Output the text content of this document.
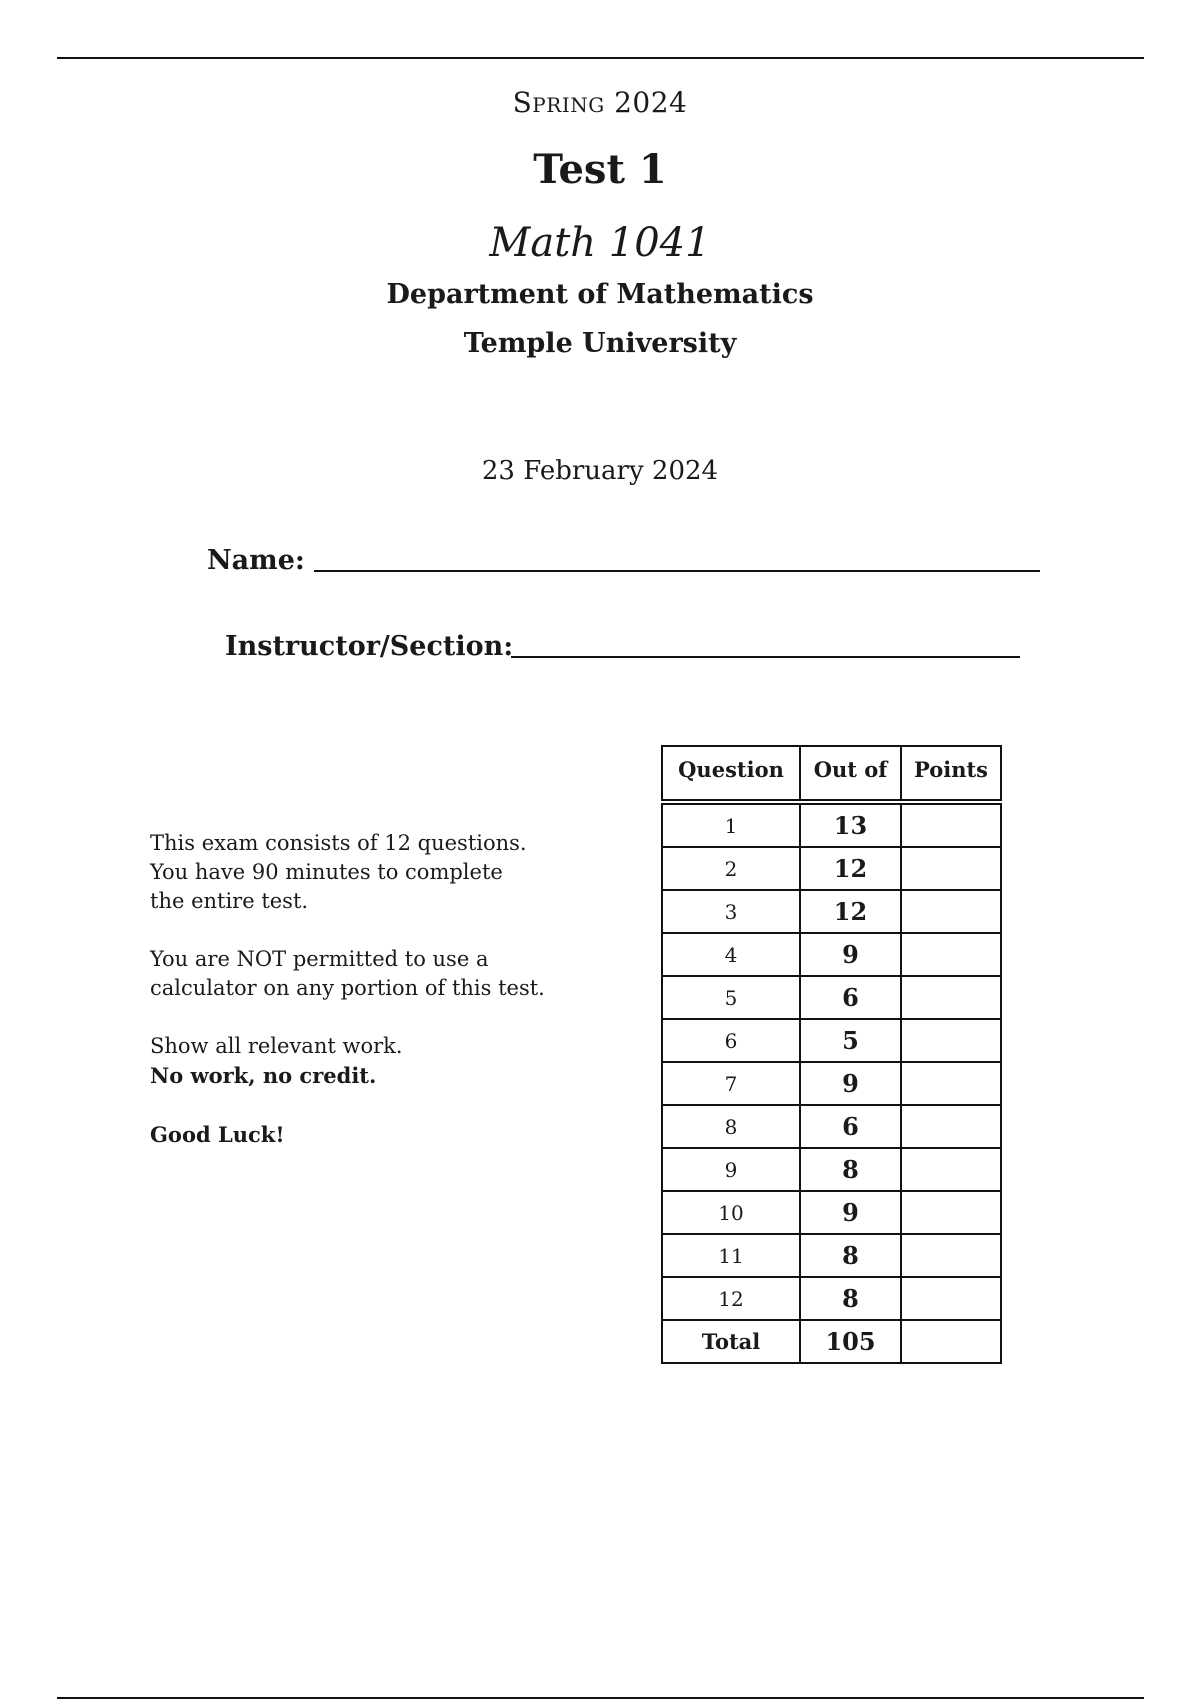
Spring 2024
Test 1
Math 1041
Department of Mathematics
Temple University
23 February 2024
Name:
Instructor/Section:

This exam consists of 12 questions.
You have 90 minutes to complete
the entire test.

You are NOT permitted to use a
calculator on any portion of this test.

Show all relevant work.
No work, no credit.

Good Luck!

Question	Out of	Points
1	13	
2	12	
3	12	
4	9	
5	6	
6	5	
7	9	
8	6	
9	8	
10	9	
11	8	
12	8	
Total	105	
